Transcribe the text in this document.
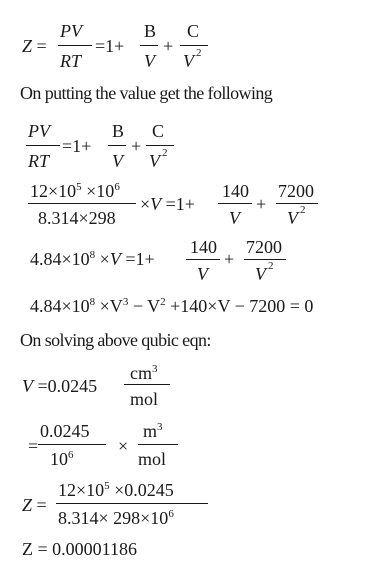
Z =
PV
RT
=1+
B
V
+
C
V 2
On putting the value get the following
PV
RT
=1+
B
V
+
C
V 2
$12\times 10^5 \times 10^6$
8.314×298
×V =1+
140
V
+
7200
V 2
$4.84\times 10^8 \times V =1+$
140
V
+
7200
V 2
$4.84\times 10^8 \times V^3 - V^2 +140\times V - 7200 = 0$
On solving above qubic eqn:
V =0.0245
$cm^3$
mol
=
0.0245
$10^6$ ×
$m^3$
mol
Z =
$12\times 10^5 \times 0.0245$
$8.314\times 298\times 10^6$
Z = 0.00001186
